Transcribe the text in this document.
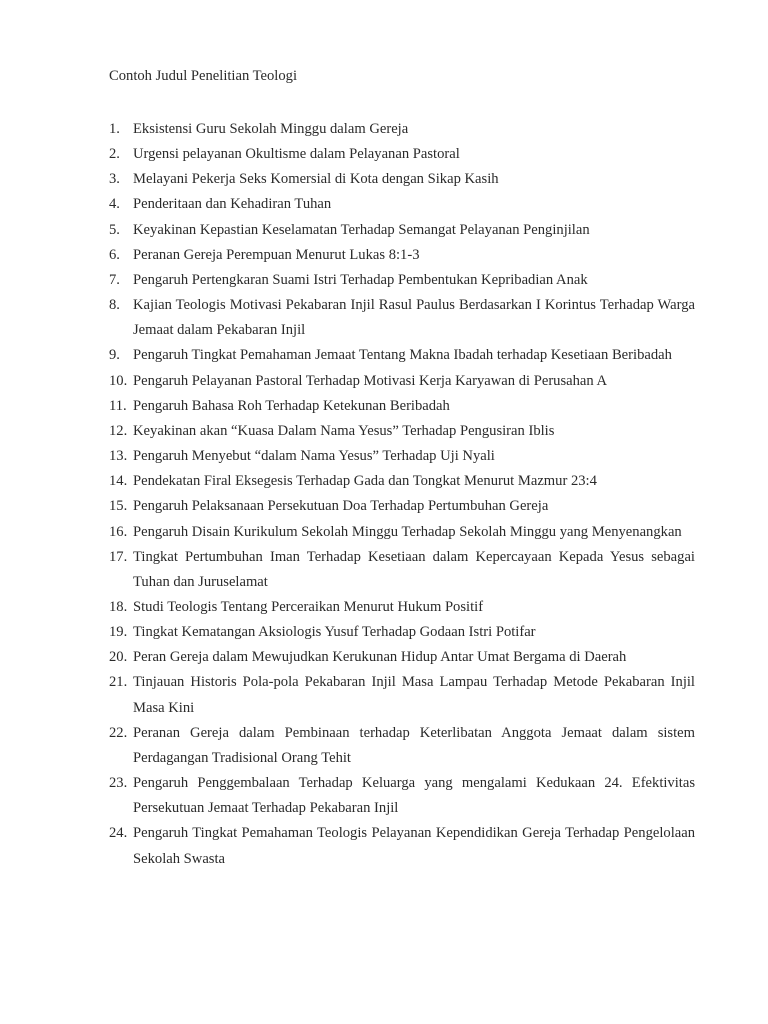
Contoh Judul Penelitian Teologi
1. Eksistensi Guru Sekolah Minggu dalam Gereja
2. Urgensi pelayanan Okultisme dalam Pelayanan Pastoral
3. Melayani Pekerja Seks Komersial di Kota dengan Sikap Kasih
4. Penderitaan dan Kehadiran Tuhan
5. Keyakinan Kepastian Keselamatan Terhadap Semangat Pelayanan Penginjilan
6. Peranan Gereja Perempuan Menurut Lukas 8:1-3
7. Pengaruh Pertengkaran Suami Istri Terhadap Pembentukan Kepribadian Anak
8. Kajian Teologis Motivasi Pekabaran Injil Rasul Paulus Berdasarkan I Korintus Terhadap Warga Jemaat dalam Pekabaran Injil
9. Pengaruh Tingkat Pemahaman Jemaat Tentang Makna Ibadah terhadap Kesetiaan Beribadah
10. Pengaruh Pelayanan Pastoral Terhadap Motivasi Kerja Karyawan di Perusahan A
11. Pengaruh Bahasa Roh Terhadap Ketekunan Beribadah
12. Keyakinan akan “Kuasa Dalam Nama Yesus” Terhadap Pengusiran Iblis
13. Pengaruh Menyebut “dalam Nama Yesus” Terhadap Uji Nyali
14. Pendekatan Firal Eksegesis Terhadap Gada dan Tongkat Menurut Mazmur 23:4
15. Pengaruh Pelaksanaan Persekutuan Doa Terhadap Pertumbuhan Gereja
16. Pengaruh Disain Kurikulum Sekolah Minggu Terhadap Sekolah Minggu yang Menyenangkan
17. Tingkat Pertumbuhan Iman Terhadap Kesetiaan dalam Kepercayaan Kepada Yesus sebagai Tuhan dan Juruselamat
18. Studi Teologis Tentang Perceraikan Menurut Hukum Positif
19. Tingkat Kematangan Aksiologis Yusuf Terhadap Godaan Istri Potifar
20. Peran Gereja dalam Mewujudkan Kerukunan Hidup Antar Umat Bergama di Daerah
21. Tinjauan Historis Pola-pola Pekabaran Injil Masa Lampau Terhadap Metode Pekabaran Injil Masa Kini
22. Peranan Gereja dalam Pembinaan terhadap Keterlibatan Anggota Jemaat dalam sistem Perdagangan Tradisional Orang Tehit
23. Pengaruh Penggembalaan Terhadap Keluarga yang mengalami Kedukaan 24. Efektivitas Persekutuan Jemaat Terhadap Pekabaran Injil
24. Pengaruh Tingkat Pemahaman Teologis Pelayanan Kependidikan Gereja Terhadap Pengelolaan Sekolah Swasta
